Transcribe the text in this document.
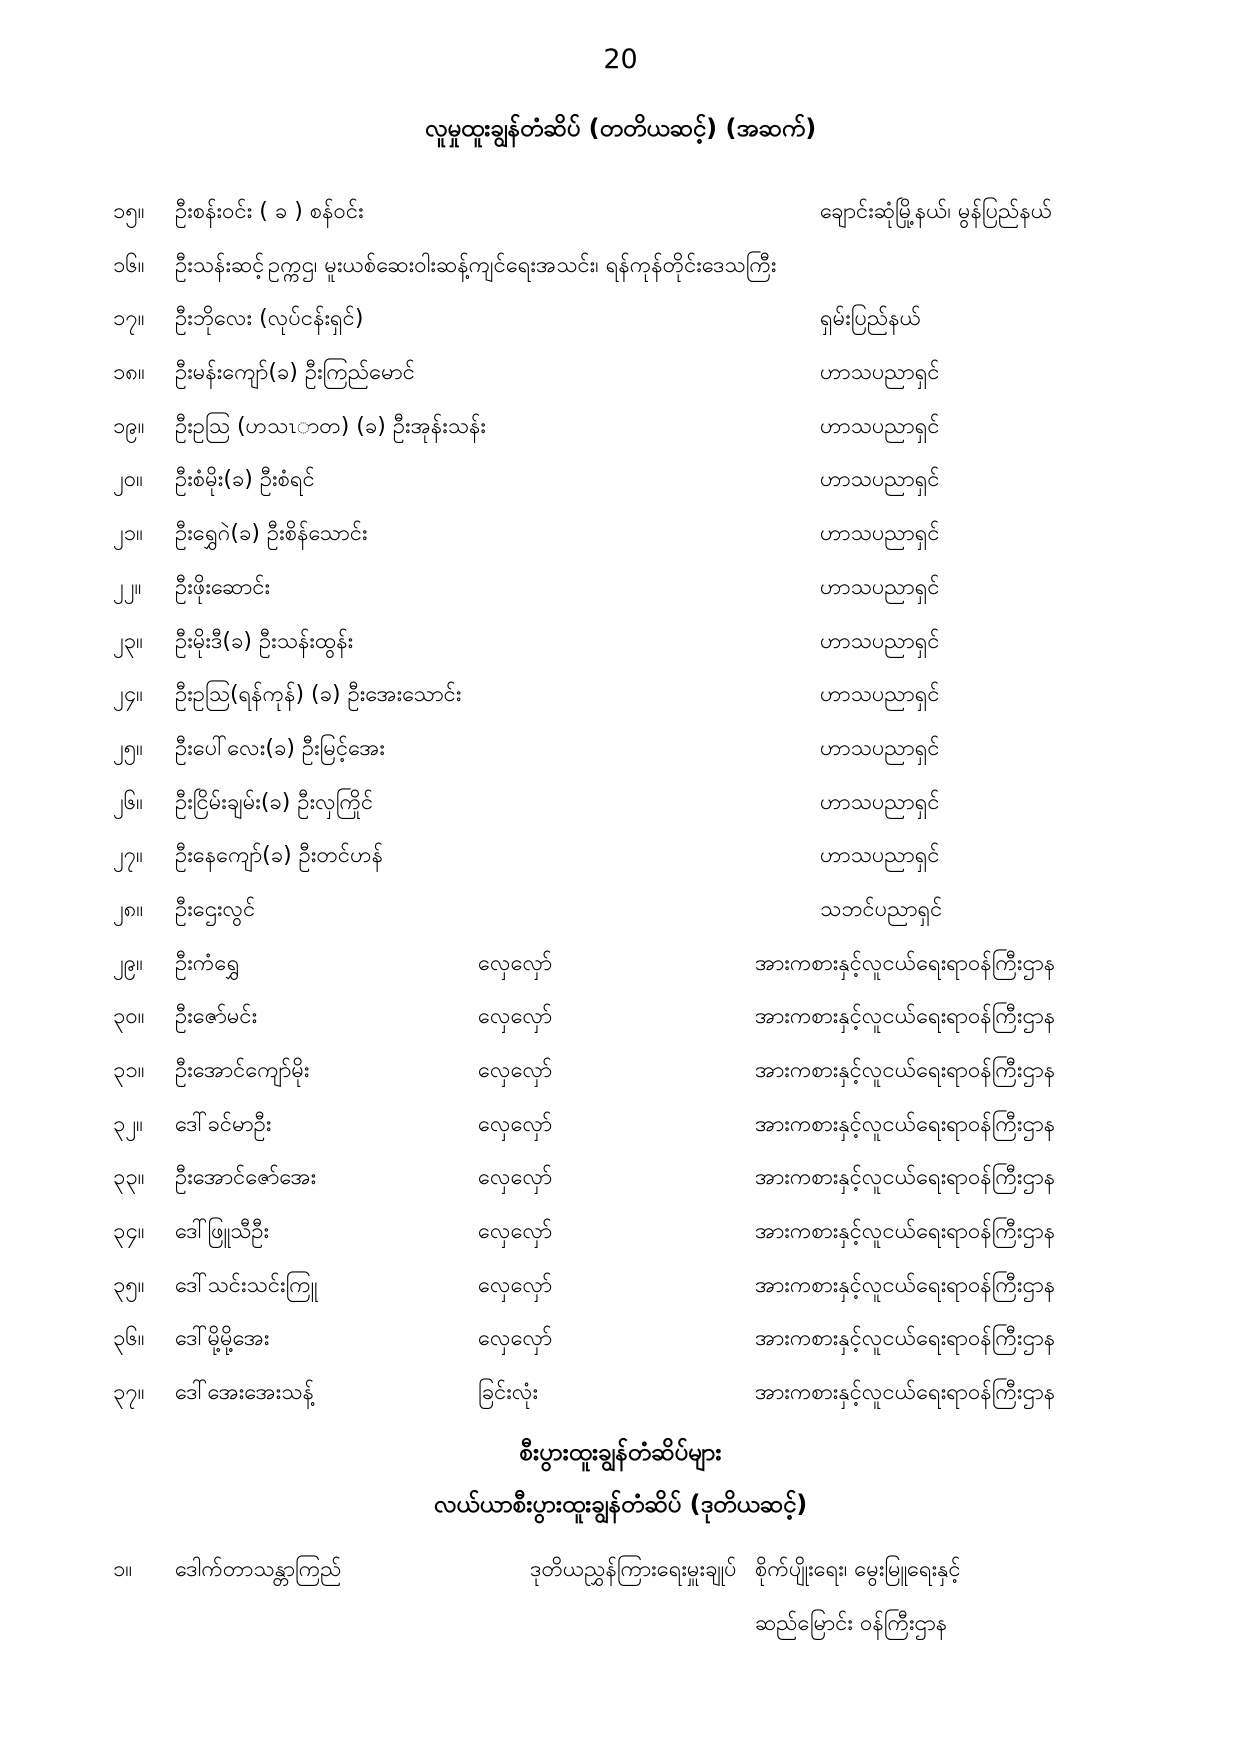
20
လူမှုထူးချွန်တံဆိပ် (တတိယဆင့်) (အဆက်)
၁၅။ ဦးစန်းဝင်း ( ခ ) စန်ဝင်း	ချောင်းဆုံမြို့နယ်၊ မွန်ပြည်နယ်
၁၆။ ဦးသန်းဆင့် ဥက္ကဌ၊ မူးယစ်ဆေးဝါးဆန့်ကျင်ရေးအသင်း၊ ရန်ကုန်တိုင်းဒေသကြီး
၁၇။ ဦးဘိုလေး (လုပ်ငန်းရှင်)	ရှမ်းပြည်နယ်
၁၈။ ဦးမန်းကျော်(ခ) ဦးကြည်မောင်	ဟာသပညာရှင်
၁၉။ ဦးဥဩ (ဟသၤာတ) (ခ) ဦးအုန်းသန်း	ဟာသပညာရှင်
၂၀။ ဦးစံမိုး(ခ) ဦးစံရင်	ဟာသပညာရှင်
၂၁။ ဦးရွှေဂဲ(ခ) ဦးစိန်သောင်း	ဟာသပညာရှင်
၂၂။ ဦးဖိုးဆောင်း	ဟာသပညာရှင်
၂၃။ ဦးမိုးဒီ(ခ) ဦးသန်းထွန်း	ဟာသပညာရှင်
၂၄။ ဦးဥဩ(ရန်ကုန်) (ခ) ဦးအေးသောင်း	ဟာသပညာရှင်
၂၅။ ဦးပေါ်လေး(ခ) ဦးမြင့်အေး	ဟာသပညာရှင်
၂၆။ ဦးငြိမ်းချမ်း(ခ) ဦးလှကြိုင်	ဟာသပညာရှင်
၂၇။ ဦးနေကျော်(ခ) ဦးတင်ဟန်	ဟာသပညာရှင်
၂၈။ ဦးဌေးလွင်	သဘင်ပညာရှင်
၂၉။ ဦးကံရွှေ	လှေလှော်	အားကစားနှင့်လူငယ်ရေးရာဝန်ကြီးဌာန
၃၀။ ဦးဇော်မင်း	လှေလှော်	အားကစားနှင့်လူငယ်ရေးရာဝန်ကြီးဌာန
၃၁။ ဦးအောင်ကျော်မိုး	လှေလှော်	အားကစားနှင့်လူငယ်ရေးရာဝန်ကြီးဌာန
၃၂။ ဒေါ်ခင်မာဦး	လှေလှော်	အားကစားနှင့်လူငယ်ရေးရာဝန်ကြီးဌာန
၃၃။ ဦးအောင်ဇော်အေး	လှေလှော်	အားကစားနှင့်လူငယ်ရေးရာဝန်ကြီးဌာန
၃၄။ ဒေါ်ဖြူသီဦး	လှေလှော်	အားကစားနှင့်လူငယ်ရေးရာဝန်ကြီးဌာန
၃၅။ ဒေါ်သင်းသင်းကြူ	လှေလှော်	အားကစားနှင့်လူငယ်ရေးရာဝန်ကြီးဌာန
၃၆။ ဒေါ်မို့မို့အေး	လှေလှော်	အားကစားနှင့်လူငယ်ရေးရာဝန်ကြီးဌာန
၃၇။ ဒေါ်အေးအေးသန့်	ခြင်းလုံး	အားကစားနှင့်လူငယ်ရေးရာဝန်ကြီးဌာန
စီးပွားထူးချွန်တံဆိပ်များ
လယ်ယာစီးပွားထူးချွန်တံဆိပ် (ဒုတိယဆင့်)
၁။ ဒေါက်တာသန္တာကြည်	ဒုတိယညွှန်ကြားရေးမှူးချုပ် စိုက်ပျိုးရေး၊ မွေးမြူရေးနှင့်
ဆည်မြောင်း ဝန်ကြီးဌာန
